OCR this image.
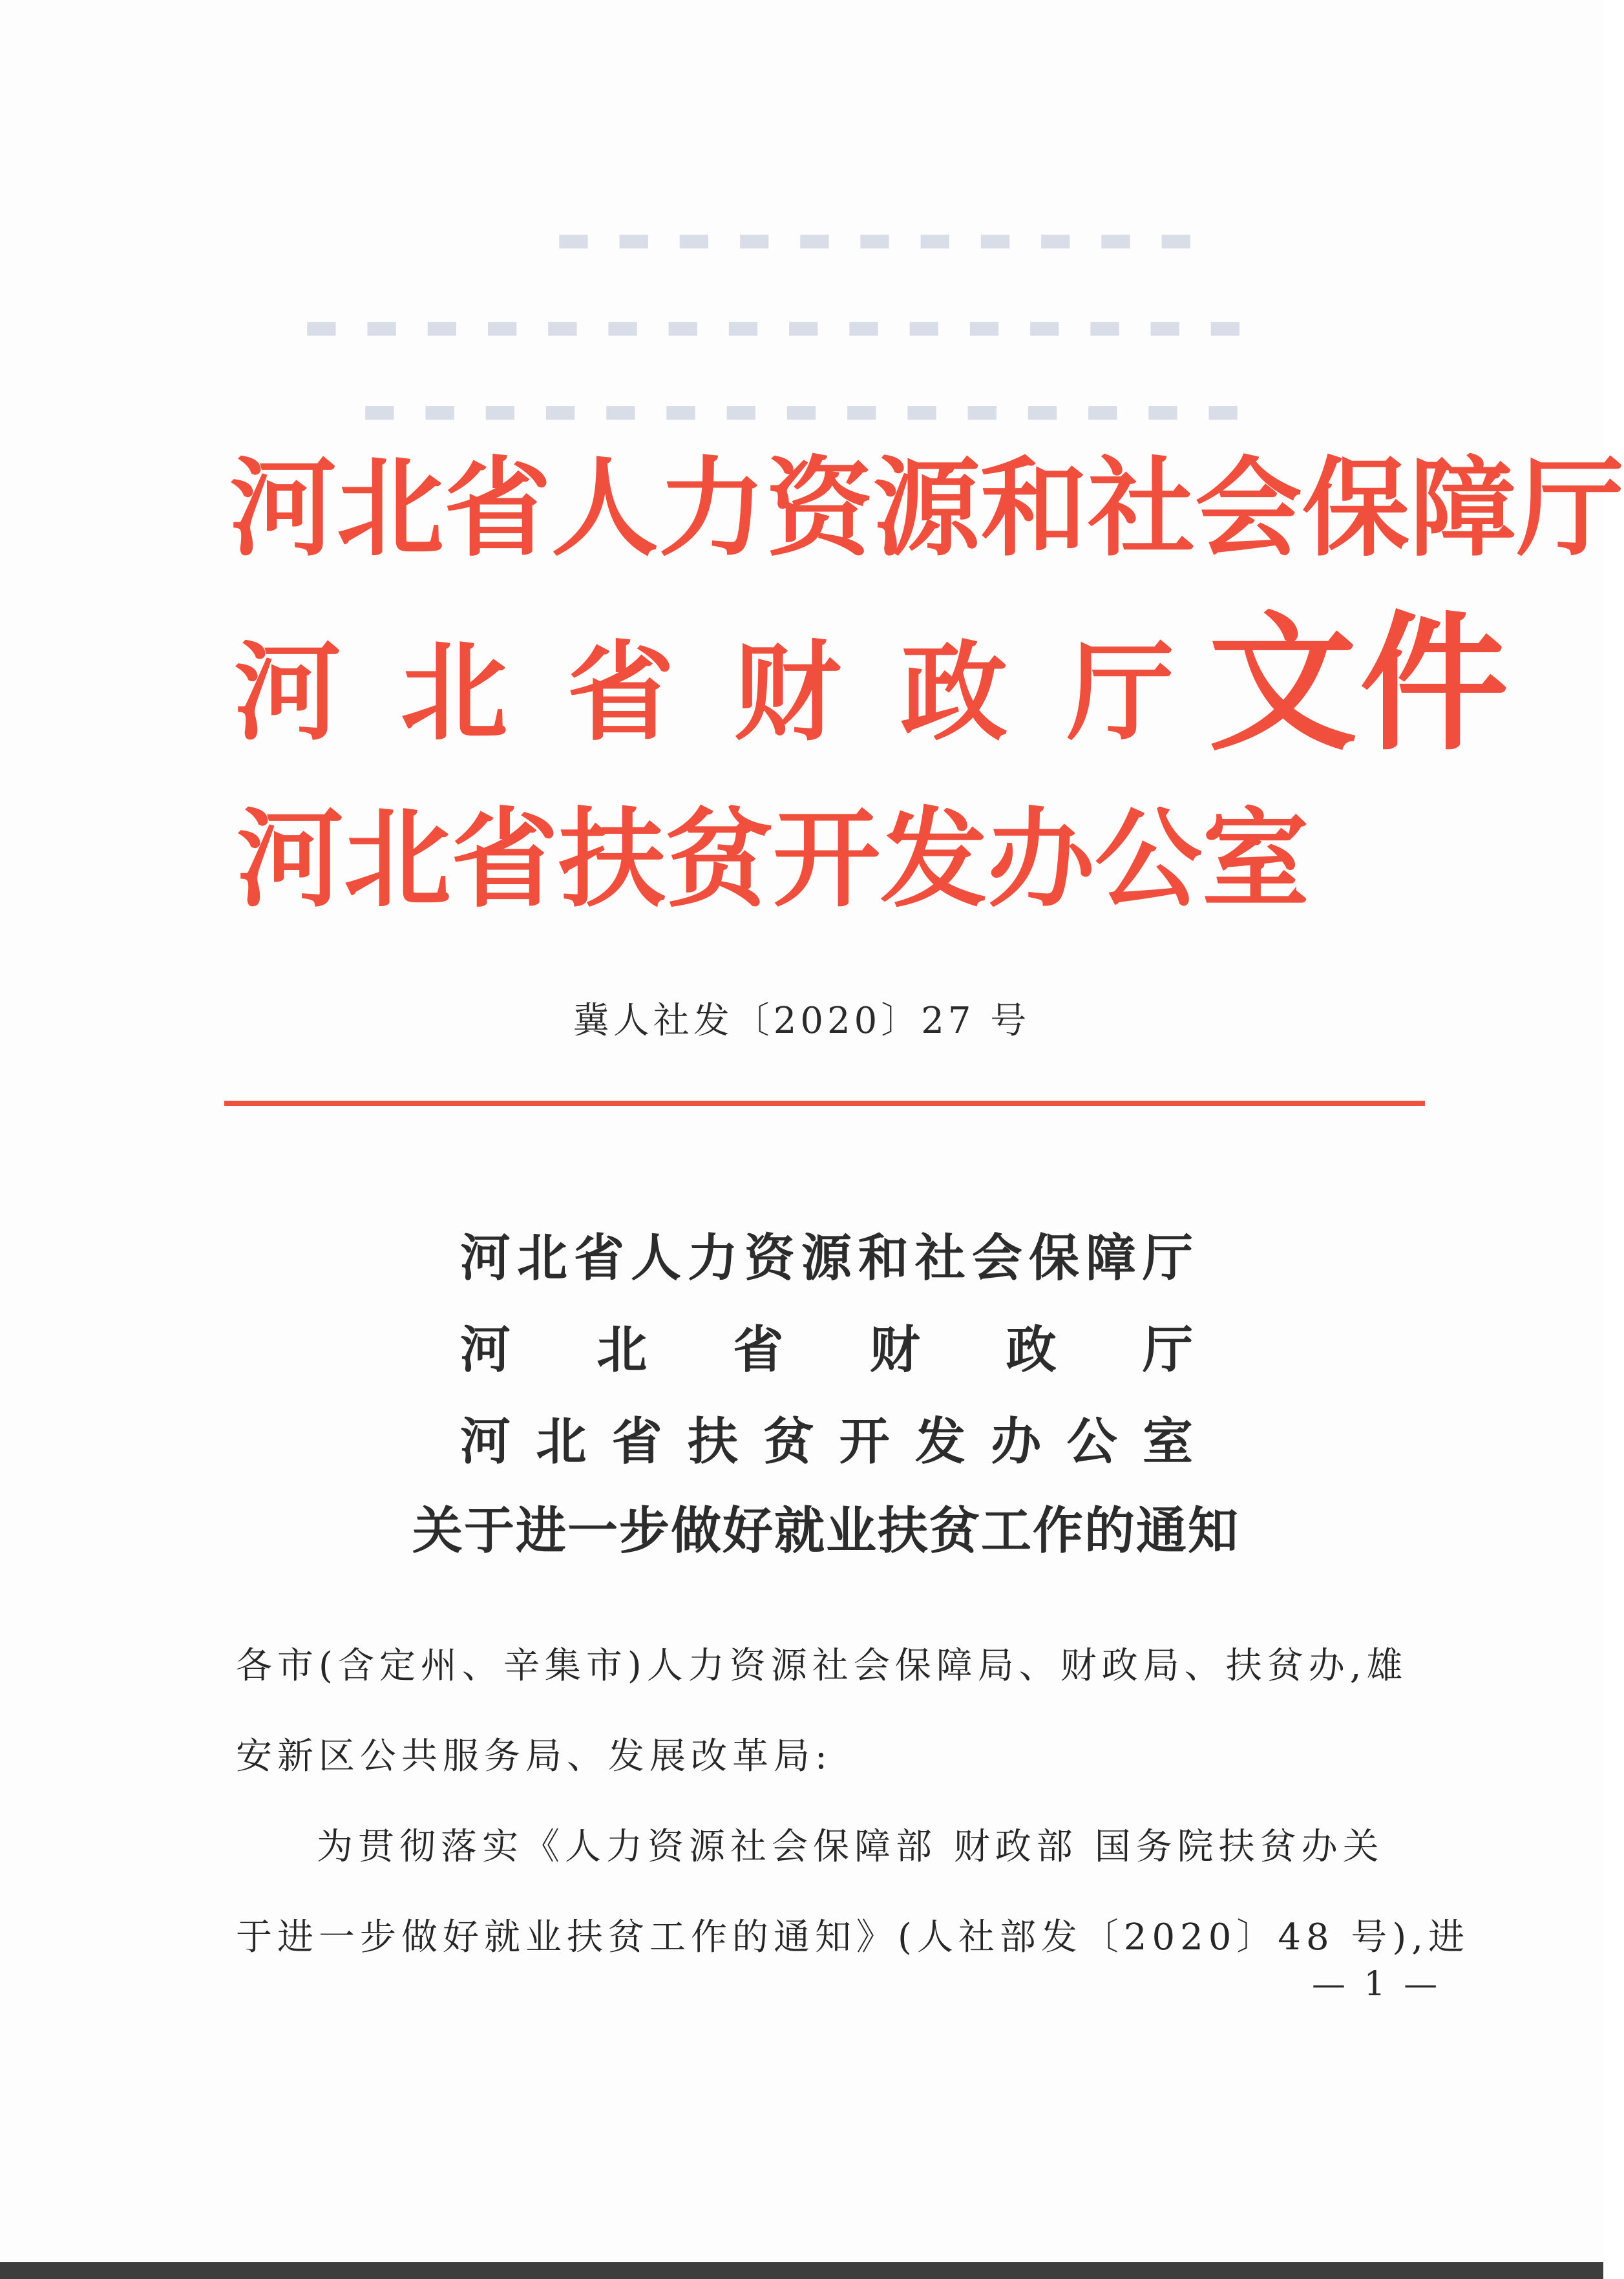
▬ ▬ ▬ ▬ ▬ ▬ ▬ ▬ ▬ ▬ ▬
▬ ▬ ▬ ▬ ▬ ▬ ▬ ▬ ▬ ▬ ▬ ▬ ▬ ▬ ▬ ▬
▬ ▬ ▬ ▬ ▬ ▬ ▬ ▬ ▬ ▬ ▬ ▬ ▬ ▬ ▬
河 北 省 人 力 资 源 和 社 会 保 障 厅
河 北 省 财 政 厅
河 北 省 扶 贫 开 发 办 公 室
文件
冀人社发〔2020〕27 号
河 北 省 人 力 资 源 和 社 会 保 障 厅
河 北 省 财 政 厅
河 北 省 扶 贫 开 发 办 公 室
关于进一步做好就业扶贫工作的通知
各市(含定州、辛集市)人力资源社会保障局、财政局、扶贫办,雄
安新区公共服务局、发展改革局:
为贯彻落实《人力资源社会保障部 财政部 国务院扶贫办关
于进一步做好就业扶贫工作的通知》(人社部发〔2020〕48 号),进
— 1 —
